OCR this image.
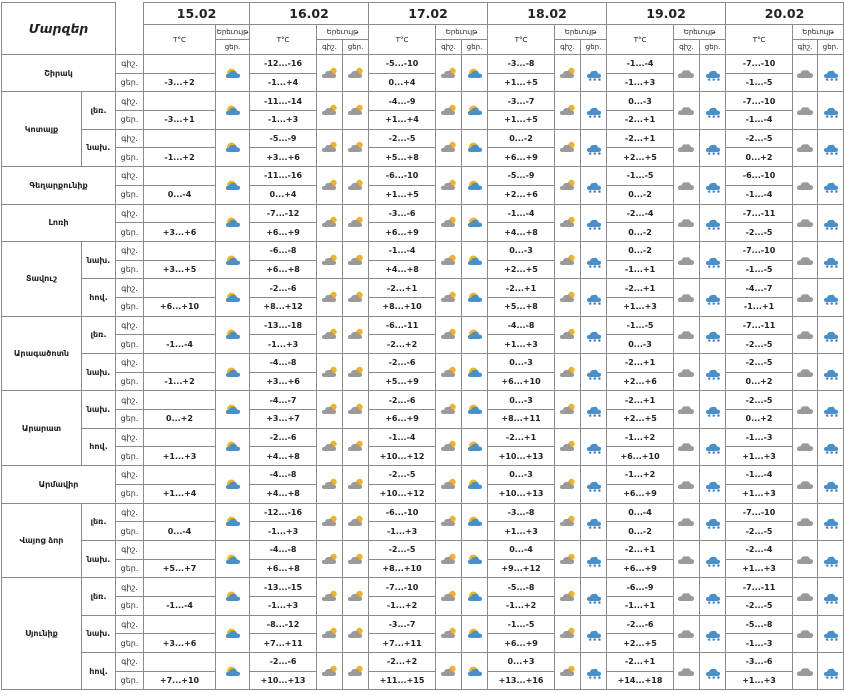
Մարզեր			15.02		16.02			17.02			18.02			19.02			20.02		
			T°C	Երեւույթ	T°C	Երեւույթ		T°C	Երեւույթ		T°C	Երեւույթ		T°C	Երեւույթ		T°C	Երեւույթ	
				ցեր.		գիշ.	ցեր.		գիշ.	ցեր.		գիշ.	ցեր.		գիշ.	ցեր.		գիշ.	ցեր.
Շիրակ		գիշ.			-12...-16			-5...-10			-3...-8		✱ ✱ ✱	-1...-4		✱ ✱ ✱	-7...-10		✱ ✱ ✱

		ցեր.	-3...+2		-1...+4			0...+4			+1...+5			-1...+3			-1...-5		
Կոտայք	լեռ.	գիշ.			-11...-14			-4...-9			-3...-7		✱ ✱ ✱	0...-3		✱ ✱ ✱	-7...-10		✱ ✱ ✱

		ցեր.	-3...+1		-1...+3			+1...+4			+1...+5			-2...+1			-1...-4		
	նախ.	գիշ.			-5...-9			-2...-5			0...-2		✱ ✱ ✱	-2...+1		✱ ✱ ✱	-2...-5		✱ ✱ ✱

		ցեր.	-1...+2		+3...+6			+5...+8			+6...+9			+2...+5			0...+2		
Գեղարքունիք		գիշ.			-11...-16			-6...-10			-5...-9		✱ ✱ ✱	-1...-5		✱ ✱ ✱	-6...-10		✱ ✱ ✱

		ցեր.	0...-4		0...+4			+1...+5			+2...+6			0...-2			-1...-4		
Լոռի		գիշ.			-7...-12			-3...-6			-1...-4		✱ ✱ ✱	-2...-4		✱ ✱ ✱	-7...-11		✱ ✱ ✱

		ցեր.	+3...+6		+6...+9			+6...+9			+4...+8			0...-2			-2...-5		
Տավուշ	նախ.	գիշ.			-6...-8			-1...-4			0...-3		✱ ✱ ✱	0...-2		✱ ✱ ✱	-7...-10		✱ ✱ ✱

		ցեր.	+3...+5		+6...+8			+4...+8			+2...+5			-1...+1			-1...-5		
	հով.	գիշ.			-2...-6			-2...+1			-2...+1		✱ ✱ ✱	-2...+1		✱ ✱ ✱	-4...-7		✱ ✱ ✱

		ցեր.	+6...+10		+8...+12			+8...+10			+5...+8			+1...+3			-1...+1		
Արագածոտն	լեռ.	գիշ.			-13...-18			-6...-11			-4...-8		✱ ✱ ✱	-1...-5		✱ ✱ ✱	-7...-11		✱ ✱ ✱

		ցեր.	-1...-4		-1...+3			-2...+2			+1...+3			0...-3			-2...-5		
	նախ.	գիշ.			-4...-8			-2...-6			0...-3		✱ ✱ ✱	-2...+1		✱ ✱ ✱	-2...-5		✱ ✱ ✱

		ցեր.	-1...+2		+3...+6			+5...+9			+6...+10			+2...+6			0...+2		
Արարատ	նախ.	գիշ.			-4...-7			-2...-6			0...-3		✱ ✱ ✱	-2...+1		✱ ✱ ✱	-2...-5		✱ ✱ ✱

		ցեր.	0...+2		+3...+7			+6...+9			+8...+11			+2...+5			0...+2		
	հով.	գիշ.			-2...-6			-1...-4			-2...+1		✱ ✱ ✱	-1...+2		✱ ✱ ✱	-1...-3		✱ ✱ ✱

		ցեր.	+1...+3		+4...+8			+10...+12			+10...+13			+6...+10			+1...+3		
Արմավիր		գիշ.			-4...-8			-2...-5			0...-3		✱ ✱ ✱	-1...+2		✱ ✱ ✱	-1...-4		✱ ✱ ✱

		ցեր.	+1...+4		+4...+8			+10...+12			+10...+13			+6...+9			+1...+3		
Վայոց ձոր	լեռ.	գիշ.			-12...-16			-6...-10			-3...-8		✱ ✱ ✱	0...-4		✱ ✱ ✱	-7...-10		✱ ✱ ✱

		ցեր.	0...-4		-1...+3			-1...+3			+1...+3			0...-2			-2...-5		
	նախ.	գիշ.			-4...-8			-2...-5			0...-4		✱ ✱ ✱	-2...+1		✱ ✱ ✱	-2...-4		✱ ✱ ✱

		ցեր.	+5...+7		+6...+8			+8...+10			+9...+12			+6...+9			+1...+3		
Սյունիք	լեռ.	գիշ.			-13...-15			-7...-10			-5...-8		✱ ✱ ✱	-6...-9		✱ ✱ ✱	-7...-11		✱ ✱ ✱

		ցեր.	-1...-4		-1...+3			-1...+2			-1...+2			-1...+1			-2...-5		
	նախ.	գիշ.			-8...-12			-3...-7			-1...-5		✱ ✱ ✱	-2...-6		✱ ✱ ✱	-5...-8		✱ ✱ ✱

		ցեր.	+3...+6		+7...+11			+7...+11			+6...+9			+2...+5			-1...-3		
	հով.	գիշ.			-2...-6			-2...+2			0...+3		✱ ✱ ✱	-2...+1		✱ ✱ ✱	-3...-6		✱ ✱ ✱

		ցեր.	+7...+10		+10...+13			+11...+15			+13...+16			+14...+18			+1...+3		
